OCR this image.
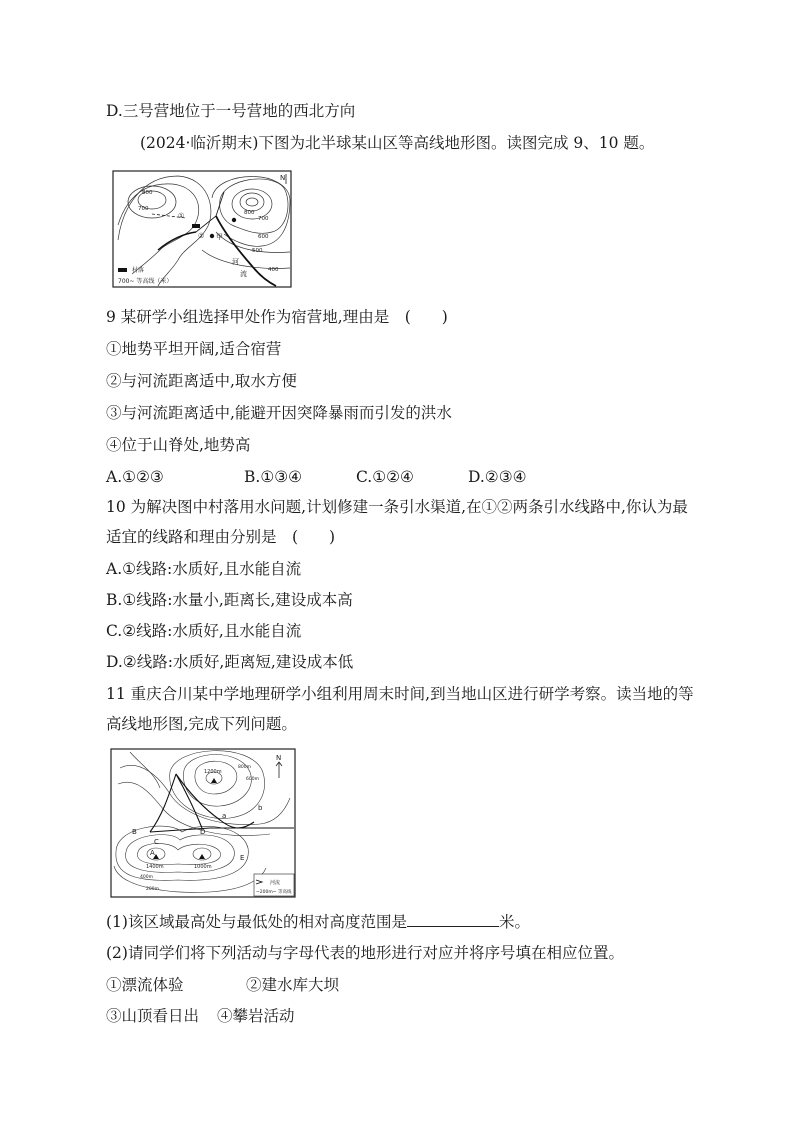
D.三号营地位于一号营地的西北方向
(2024·临沂期末)下图为北半球某山区等高线地形图。读图完成 9、10 题。
N
800
700
800
700
600
500
400
①
② 甲
河
流
村落
700~ 等高线（米）
9 某研学小组选择甲处作为宿营地,理由是　(　　)
①地势平坦开阔,适合宿营
②与河流距离适中,取水方便
③与河流距离适中,能避开因突降暴雨而引发的洪水
④位于山脊处,地势高
A.①②③	B.①③④	C.①②④	D.②③④
10 为解决图中村落用水问题,计划修建一条引水渠道,在①②两条引水线路中,你认为最
适宜的线路和理由分别是　(　　)
A.①线路:水质好,且水能自流
B.①线路:水量小,距离长,建设成本高
C.②线路:水质好,且水能自流
D.②线路:水质好,距离短,建设成本低
11 重庆合川某中学地理研学小组利用周末时间,到当地山区进行研学考察。读当地的等
高线地形图,完成下列问题。
N
1200m
1400m	1000m
A
B
C
D
E
a
b
800m
600m
400m
200m
河流
~200m~ 等高线
(1)该区域最高处与最低处的相对高度范围是	米。
(2)请同学们将下列活动与字母代表的地形进行对应并将序号填在相应位置。
①漂流体验	②建水库大坝
③山顶看日出 ④攀岩活动
